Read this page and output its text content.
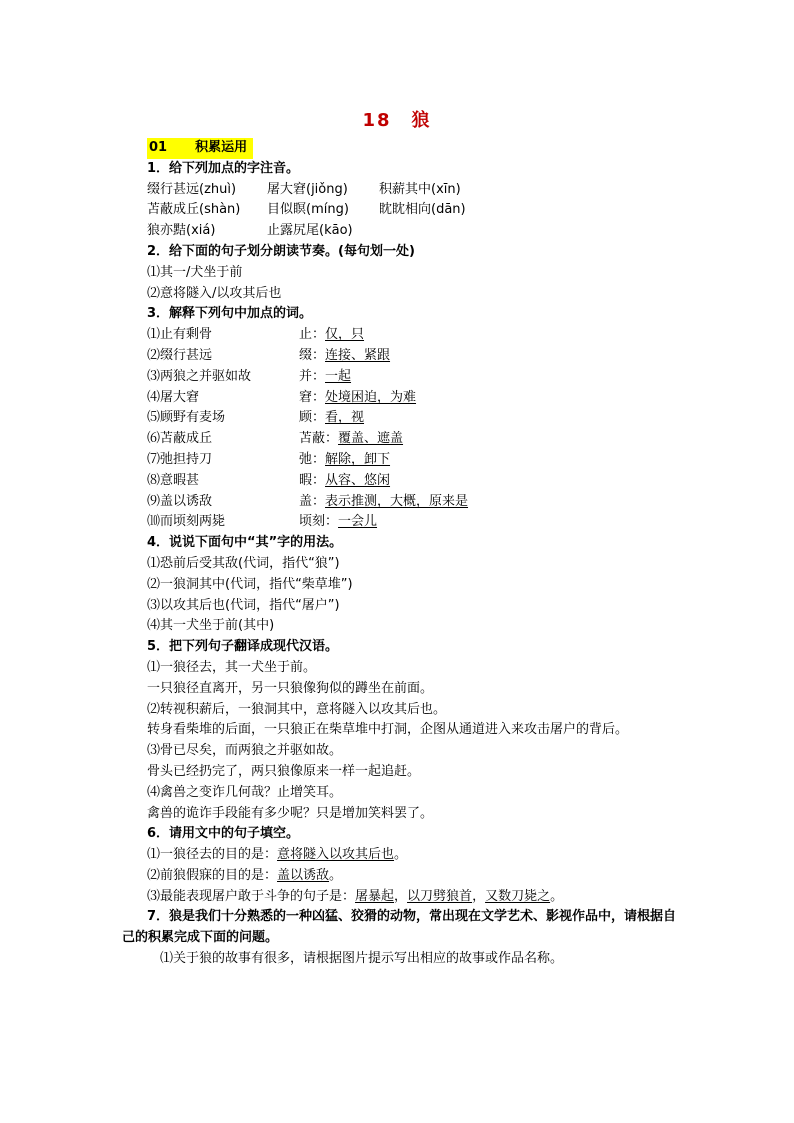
18　狼
01 积累运用
1．给下列加点的字注音。
缀行甚远(zhuì) 屠大窘(jiǒng) 积薪其中(xīn)
苫蔽成丘(shàn) 目似瞑(míng) 眈眈相向(dān)
狼亦黠(xiá)	止露尻尾(kāo)
2．给下面的句子划分朗读节奏。(每句划一处)
⑴其一/犬坐于前
⑵意将隧入/以攻其后也
3．解释下列句中加点的词。
⑴止有剩骨	止：仅，只
⑵缀行甚远	缀：连接、紧跟
⑶两狼之并驱如故	并：一起
⑷屠大窘	窘：处境困迫，为难
⑸顾野有麦场	顾：看，视
⑹苫蔽成丘	苫蔽：覆盖、遮盖
⑺弛担持刀	弛：解除，卸下
⑻意暇甚	暇：从容、悠闲
⑼盖以诱敌	盖：表示推测，大概，原来是
⑽而顷刻两毙	顷刻：一会儿
4．说说下面句中“其”字的用法。
⑴恐前后受其敌(代词，指代“狼”)
⑵一狼洞其中(代词，指代“柴草堆”)
⑶以攻其后也(代词，指代“屠户”)
⑷其一犬坐于前(其中)
5．把下列句子翻译成现代汉语。
⑴一狼径去，其一犬坐于前。
一只狼径直离开，另一只狼像狗似的蹲坐在前面。
⑵转视积薪后，一狼洞其中，意将隧入以攻其后也。
转身看柴堆的后面，一只狼正在柴草堆中打洞，企图从通道进入来攻击屠户的背后。
⑶骨已尽矣，而两狼之并驱如故。
骨头已经扔完了，两只狼像原来一样一起追赶。
⑷禽兽之变诈几何哉？止增笑耳。
禽兽的诡诈手段能有多少呢？只是增加笑料罢了。
6．请用文中的句子填空。
⑴一狼径去的目的是：意将隧入以攻其后也。
⑵前狼假寐的目的是：盖以诱敌。
⑶最能表现屠户敢于斗争的句子是：屠暴起，以刀劈狼首，又数刀毙之。
7．狼是我们十分熟悉的一种凶猛、狡猾的动物，常出现在文学艺术、影视作品中，请根据自己的积累完成下面的问题。
⑴关于狼的故事有很多，请根据图片提示写出相应的故事或作品名称。
